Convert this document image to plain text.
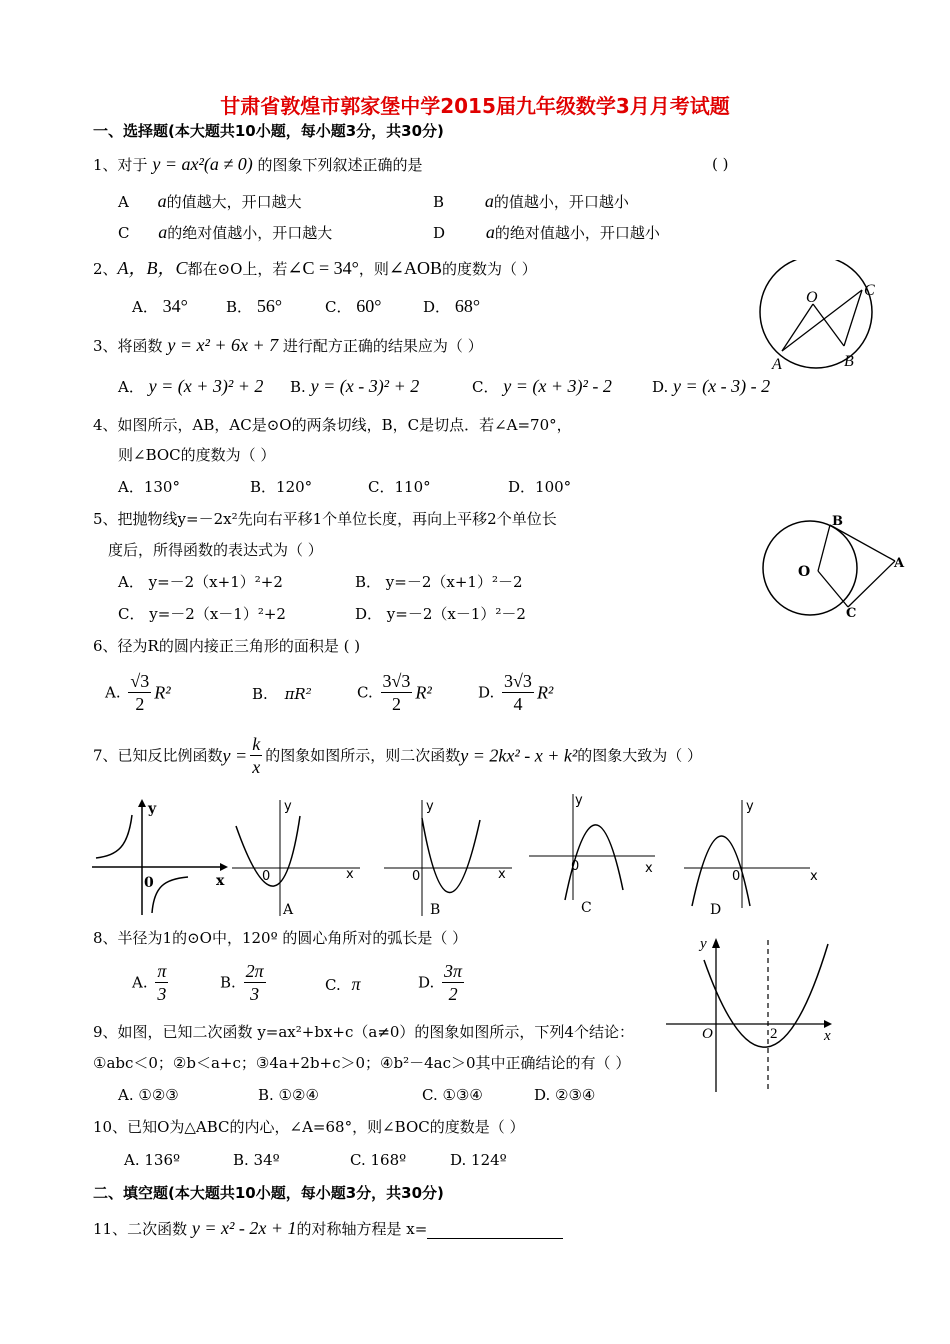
甘肃省敦煌市郭家堡中学2015届九年级数学3月月考试题
一、选择题(本大题共10小题，每小题3分，共30分)
1、对于 y = ax²(a ≠ 0) 的图象下列叙述正确的是	( )
A a的值越大，开口越大	B a的值越小，开口越小
C a的绝对值越小，开口越大	D a的绝对值越小，开口越小
2、A，B，C都在⊙O上，若∠C = 34°，则∠AOB的度数为（ ）
A． 34°	B． 56°	C． 60°	D． 68°	O	C
A	B
3、将函数 y = x² + 6x + 7 进行配方正确的结果应为（ ）
A． y = (x + 3)² + 2 B. y = (x - 3)² + 2	C． y = (x + 3)² - 2	D. y = (x - 3) - 2
4、如图所示，AB，AC是⊙O的两条切线，B，C是切点．若∠A=70°，
则∠BOC的度数为（ ）
A．130°	B．120°	C．110°	D．100°
5、把抛物线y=－2x²先向右平移1个单位长度，再向上平移2个单位长
度后，所得函数的表达式为（ ）
A． y=－2（x+1）²+2	B． y=－2（x+1）²－2
C． y=－2（x－1）²+2	D． y=－2（x－1）²－2
O
B
A
C
6、径为R的圆内接正三角形的面积是 ( )
A. $\frac{√3}{2} R^2$	B. πR²	C. $\frac{3√3}{2} R^2$	D. $\frac{3√3}{4} R^2$
7、已知反比例函数$y = \frac{k}{x}$ 的图象如图所示，则二次函数y = 2kx² - x + k²的图象大致为（ ）
y
x
0
y
x
0
A
y
x
0
B
y
x
0
C
y
x
0
D
8、半径为1的⊙O中，120º 的圆心角所对的弧长是（ ）
A. $\frac{\pi}{3}$	B. $\frac{2\pi}{3}$	C. π	D. $\frac{3\pi}{2}$
y
x
O	2
9、如图，已知二次函数 y=ax²+bx+c（a≠0）的图象如图所示，下列4个结论：
①abc＜0；②b＜a+c；③4a+2b+c＞0；④b²－4ac＞0其中正确结论的有（ ）
A. ①②③	B. ①②④	C. ①③④	D. ②③④
10、已知O为△ABC的内心，∠A=68°，则∠BOC的度数是（ ）
A. 136º	B. 34º	C. 168º	D. 124º
二、填空题(本大题共10小题，每小题3分，共30分)
11、二次函数 y = x² - 2x + 1的对称轴方程是 x=
